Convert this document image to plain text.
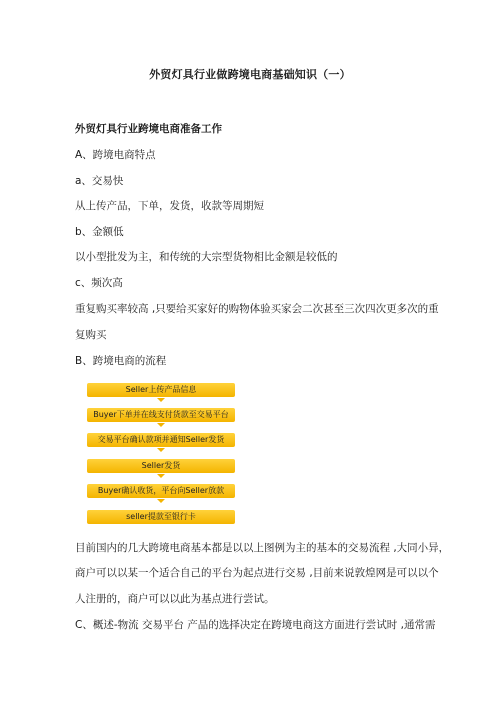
外贸灯具行业做跨境电商基础知识（一）
外贸灯具行业跨境电商准备工作
A、跨境电商特点
a、交易快
从上传产品，下单，发货，收款等周期短
b、金额低
以小型批发为主，和传统的大宗型货物相比金额是较低的
c、频次高
重复购买率较高 ,只要给买家好的购物体验买家会二次甚至三次四次更多次的重
复购买
B、跨境电商的流程
Seller上传产品信息
Buyer下单并在线支付货款至交易平台
交易平台确认款项并通知Seller发货
Seller发货
Buyer确认收货，平台向Seller放款
seller提款至银行卡
目前国内的几大跨境电商基本都是以以上图例为主的基本的交易流程 ,大同小异，
商户可以以某一个适合自己的平台为起点进行交易 ,目前来说敦煌网是可以以个
人注册的，商户可以以此为基点进行尝试。
C、概述-物流 交易平台 产品的选择决定在跨境电商这方面进行尝试时 ,通常需
